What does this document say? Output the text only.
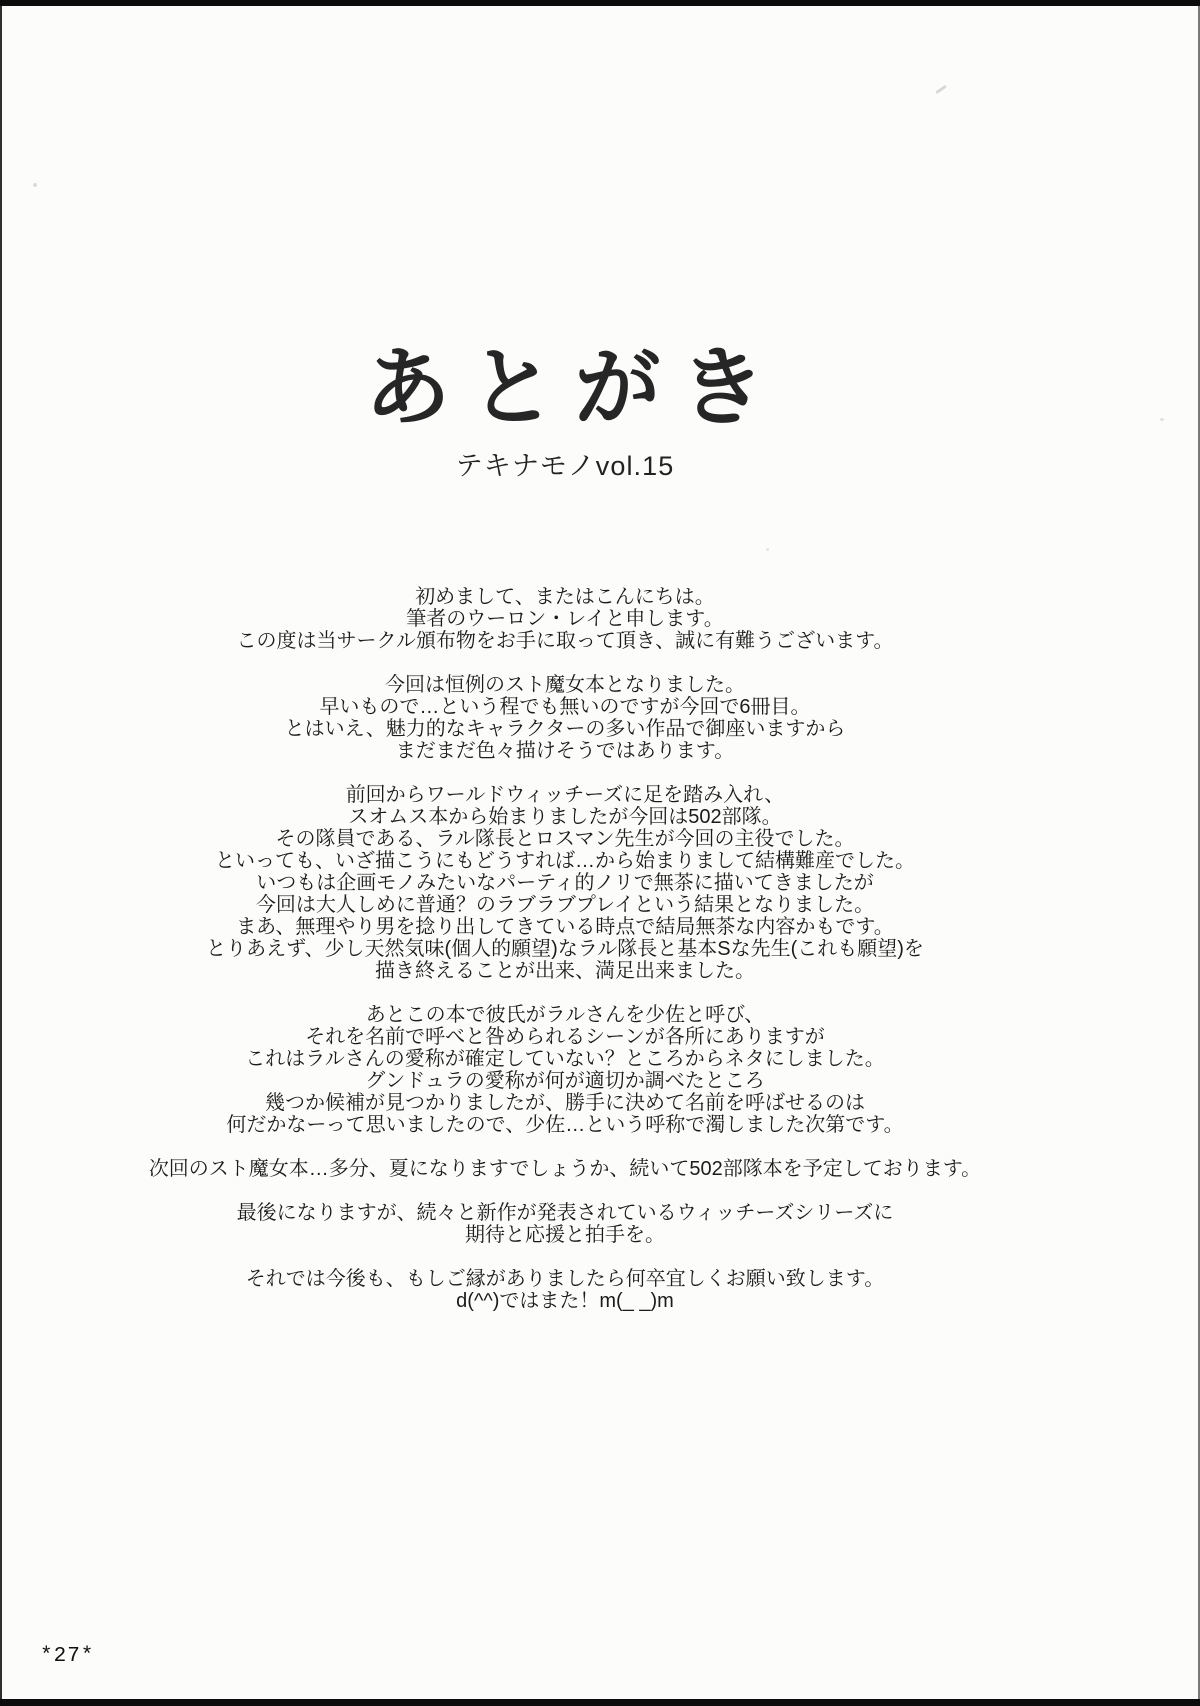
あとがき
テキナモノvol.15
初めまして、またはこんにちは。
筆者のウーロン・レイと申します。
この度は当サークル頒布物をお手に取って頂き、誠に有難うございます。
今回は恒例のスト魔女本となりました。
早いもので…という程でも無いのですが今回で6冊目。
とはいえ、魅力的なキャラクターの多い作品で御座いますから
まだまだ色々描けそうではあります。
前回からワールドウィッチーズに足を踏み入れ、
スオムス本から始まりましたが今回は502部隊。
その隊員である、ラル隊長とロスマン先生が今回の主役でした。
といっても、いざ描こうにもどうすれば…から始まりまして結構難産でした。
いつもは企画モノみたいなパーティ的ノリで無茶に描いてきましたが
今回は大人しめに普通？のラブラブプレイという結果となりました。
まあ、無理やり男を捻り出してきている時点で結局無茶な内容かもです。
とりあえず、少し天然気味(個人的願望)なラル隊長と基本Sな先生(これも願望)を
描き終えることが出来、満足出来ました。
あとこの本で彼氏がラルさんを少佐と呼び、
それを名前で呼べと咎められるシーンが各所にありますが
これはラルさんの愛称が確定していない？ところからネタにしました。
グンドュラの愛称が何が適切か調べたところ
幾つか候補が見つかりましたが、勝手に決めて名前を呼ばせるのは
何だかなーって思いましたので、少佐…という呼称で濁しました次第です。
次回のスト魔女本…多分、夏になりますでしょうか、続いて502部隊本を予定しております。
最後になりますが、続々と新作が発表されているウィッチーズシリーズに
期待と応援と拍手を。
それでは今後も、もしご縁がありましたら何卒宜しくお願い致します。
d(^^)ではまた！m(_ _)m
*27*
